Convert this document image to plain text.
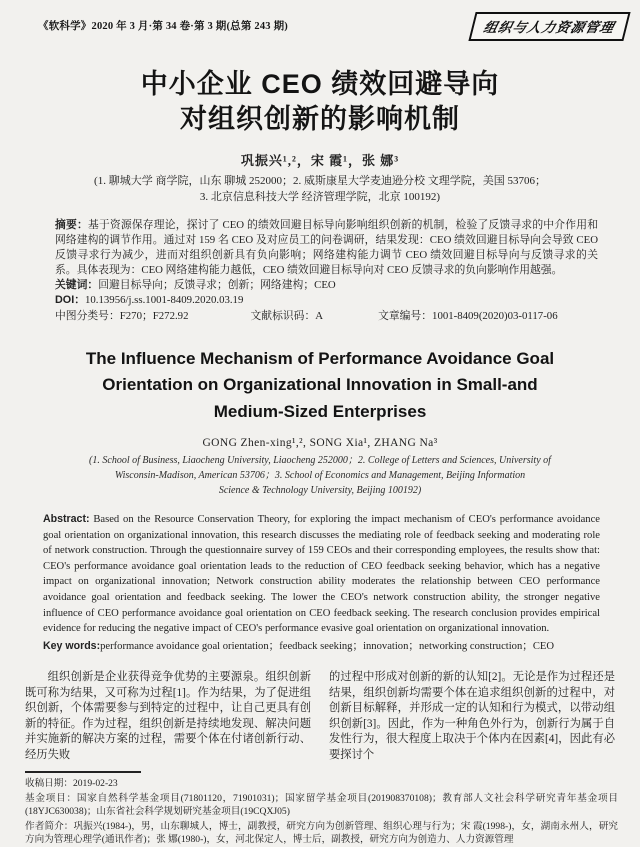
《软科学》2020 年 3 月·第 34 卷·第 3 期(总第 243 期)	组织与人力资源管理
中小企业 CEO 绩效回避导向
对组织创新的影响机制
巩振兴¹,²，宋 霞¹，张 娜³
(1. 聊城大学 商学院，山东 聊城 252000；2. 威斯康星大学麦迪逊分校 文理学院，美国 53706；
3. 北京信息科技大学 经济管理学院，北京 100192)
摘要：基于资源保存理论，探讨了 CEO 的绩效回避目标导向影响组织创新的机制，检验了反馈寻求的中介作用和网络建构的调节作用。通过对 159 名 CEO 及对应员工的问卷调研，结果发现：CEO 绩效回避目标导向会导致 CEO 反馈寻求行为减少，进而对组织创新具有负向影响；网络建构能力调节 CEO 绩效回避目标导向与反馈寻求的关系。具体表现为：CEO 网络建构能力越低，CEO 绩效回避目标导向对 CEO 反馈寻求的负向影响作用越强。
关键词：回避目标导向；反馈寻求；创新；网络建构；CEO
DOI：10.13956/j.ss.1001-8409.2020.03.19
中图分类号：F270；F272.92	文献标识码：A	文章编号：1001-8409(2020)03-0117-06
The Influence Mechanism of Performance Avoidance Goal
Orientation on Organizational Innovation in Small-and
Medium-Sized Enterprises
GONG Zhen-xing¹,², SONG Xia¹, ZHANG Na³
(1. School of Business, Liaocheng University, Liaocheng 252000；2. College of Letters and Sciences, University of
Wisconsin-Madison, American 53706；3. School of Economics and Management, Beijing Information
Science & Technology University, Beijing 100192)
Abstract: Based on the Resource Conservation Theory, for exploring the impact mechanism of CEO's performance avoidance goal orientation on organizational innovation, this research discusses the mediating role of feedback seeking and moderating role of network construction. Through the questionnaire survey of 159 CEOs and their corresponding employees, the results show that: CEO's performance avoidance goal orientation leads to the reduction of CEO feedback seeking behavior, which has a negative impact on organizational innovation; Network construction ability moderates the relationship between CEO performance avoidance goal orientation and feedback seeking. The lower the CEO's network construction ability, the stronger negative influence of CEO performance avoidance goal orientation on CEO feedback seeking. The research conclusion provides empirical evidence for reducing the negative impact of CEO's performance evasive goal orientation on organizational innovation.
Key words:performance avoidance goal orientation；feedback seeking；innovation；networking construction；CEO

组织创新是企业获得竞争优势的主要源泉。组织创新既可称为结果，又可称为过程[1]。作为结果，为了促进组织创新，个体需要参与到特定的过程中，让自己更具有创新的特征。作为过程，组织创新是持续地发现、解决问题并实施新的解决方案的过程，需要个体在付诸创新行动、经历失败

的过程中形成对创新的新的认知[2]。无论是作为过程还是结果，组织创新均需要个体在追求组织创新的过程中，对创新目标解释，并形成一定的认知和行为模式，以带动组织创新[3]。因此，作为一种角色外行为，创新行为属于自发性行为，很大程度上取决于个体内在因素[4]，因此有必要探讨个

收稿日期：2019-02-23
基金项目：国家自然科学基金项目(71801120，71901031)；国家留学基金项目(201908370108)；教育部人文社会科学研究青年基金项目(18YJC630038)；山东省社会科学规划研究基金项目(19CQXJ05)
作者简介：巩振兴(1984-)，男，山东聊城人，博士，副教授，研究方向为创新管理、组织心理与行为；宋 霞(1998-)，女，湖南永州人，研究方向为管理心理学(通讯作者)；张 娜(1980-)，女，河北保定人，博士后，副教授，研究方向为创造力、人力资源管理
